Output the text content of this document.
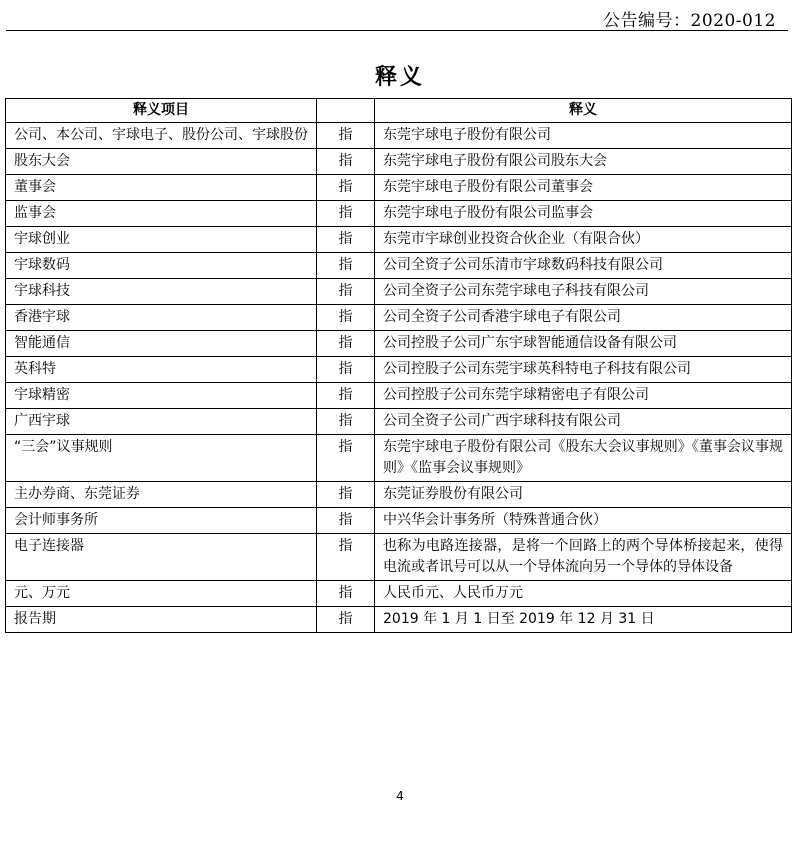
公告编号：2020-012
释义
释义项目		释义
公司、本公司、宇球电子、股份公司、宇球股份	指	东莞宇球电子股份有限公司
股东大会	指	东莞宇球电子股份有限公司股东大会
董事会	指	东莞宇球电子股份有限公司董事会
监事会	指	东莞宇球电子股份有限公司监事会
宇球创业	指	东莞市宇球创业投资合伙企业（有限合伙）
宇球数码	指	公司全资子公司乐清市宇球数码科技有限公司
宇球科技	指	公司全资子公司东莞宇球电子科技有限公司
香港宇球	指	公司全资子公司香港宇球电子有限公司
智能通信	指	公司控股子公司广东宇球智能通信设备有限公司
英科特	指	公司控股子公司东莞宇球英科特电子科技有限公司
宇球精密	指	公司控股子公司东莞宇球精密电子有限公司
广西宇球	指	公司全资子公司广西宇球科技有限公司
“三会”议事规则	指	东莞宇球电子股份有限公司《股东大会议事规则》《董事会议事规则》《监事会议事规则》
主办券商、东莞证券	指	东莞证券股份有限公司
会计师事务所	指	中兴华会计事务所（特殊普通合伙）
电子连接器	指	也称为电路连接器，是将一个回路上的两个导体桥接起来，使得电流或者讯号可以从一个导体流向另一个导体的导体设备
元、万元	指	人民币元、人民币万元
报告期	指	2019 年 1 月 1 日至 2019 年 12 月 31 日
4
